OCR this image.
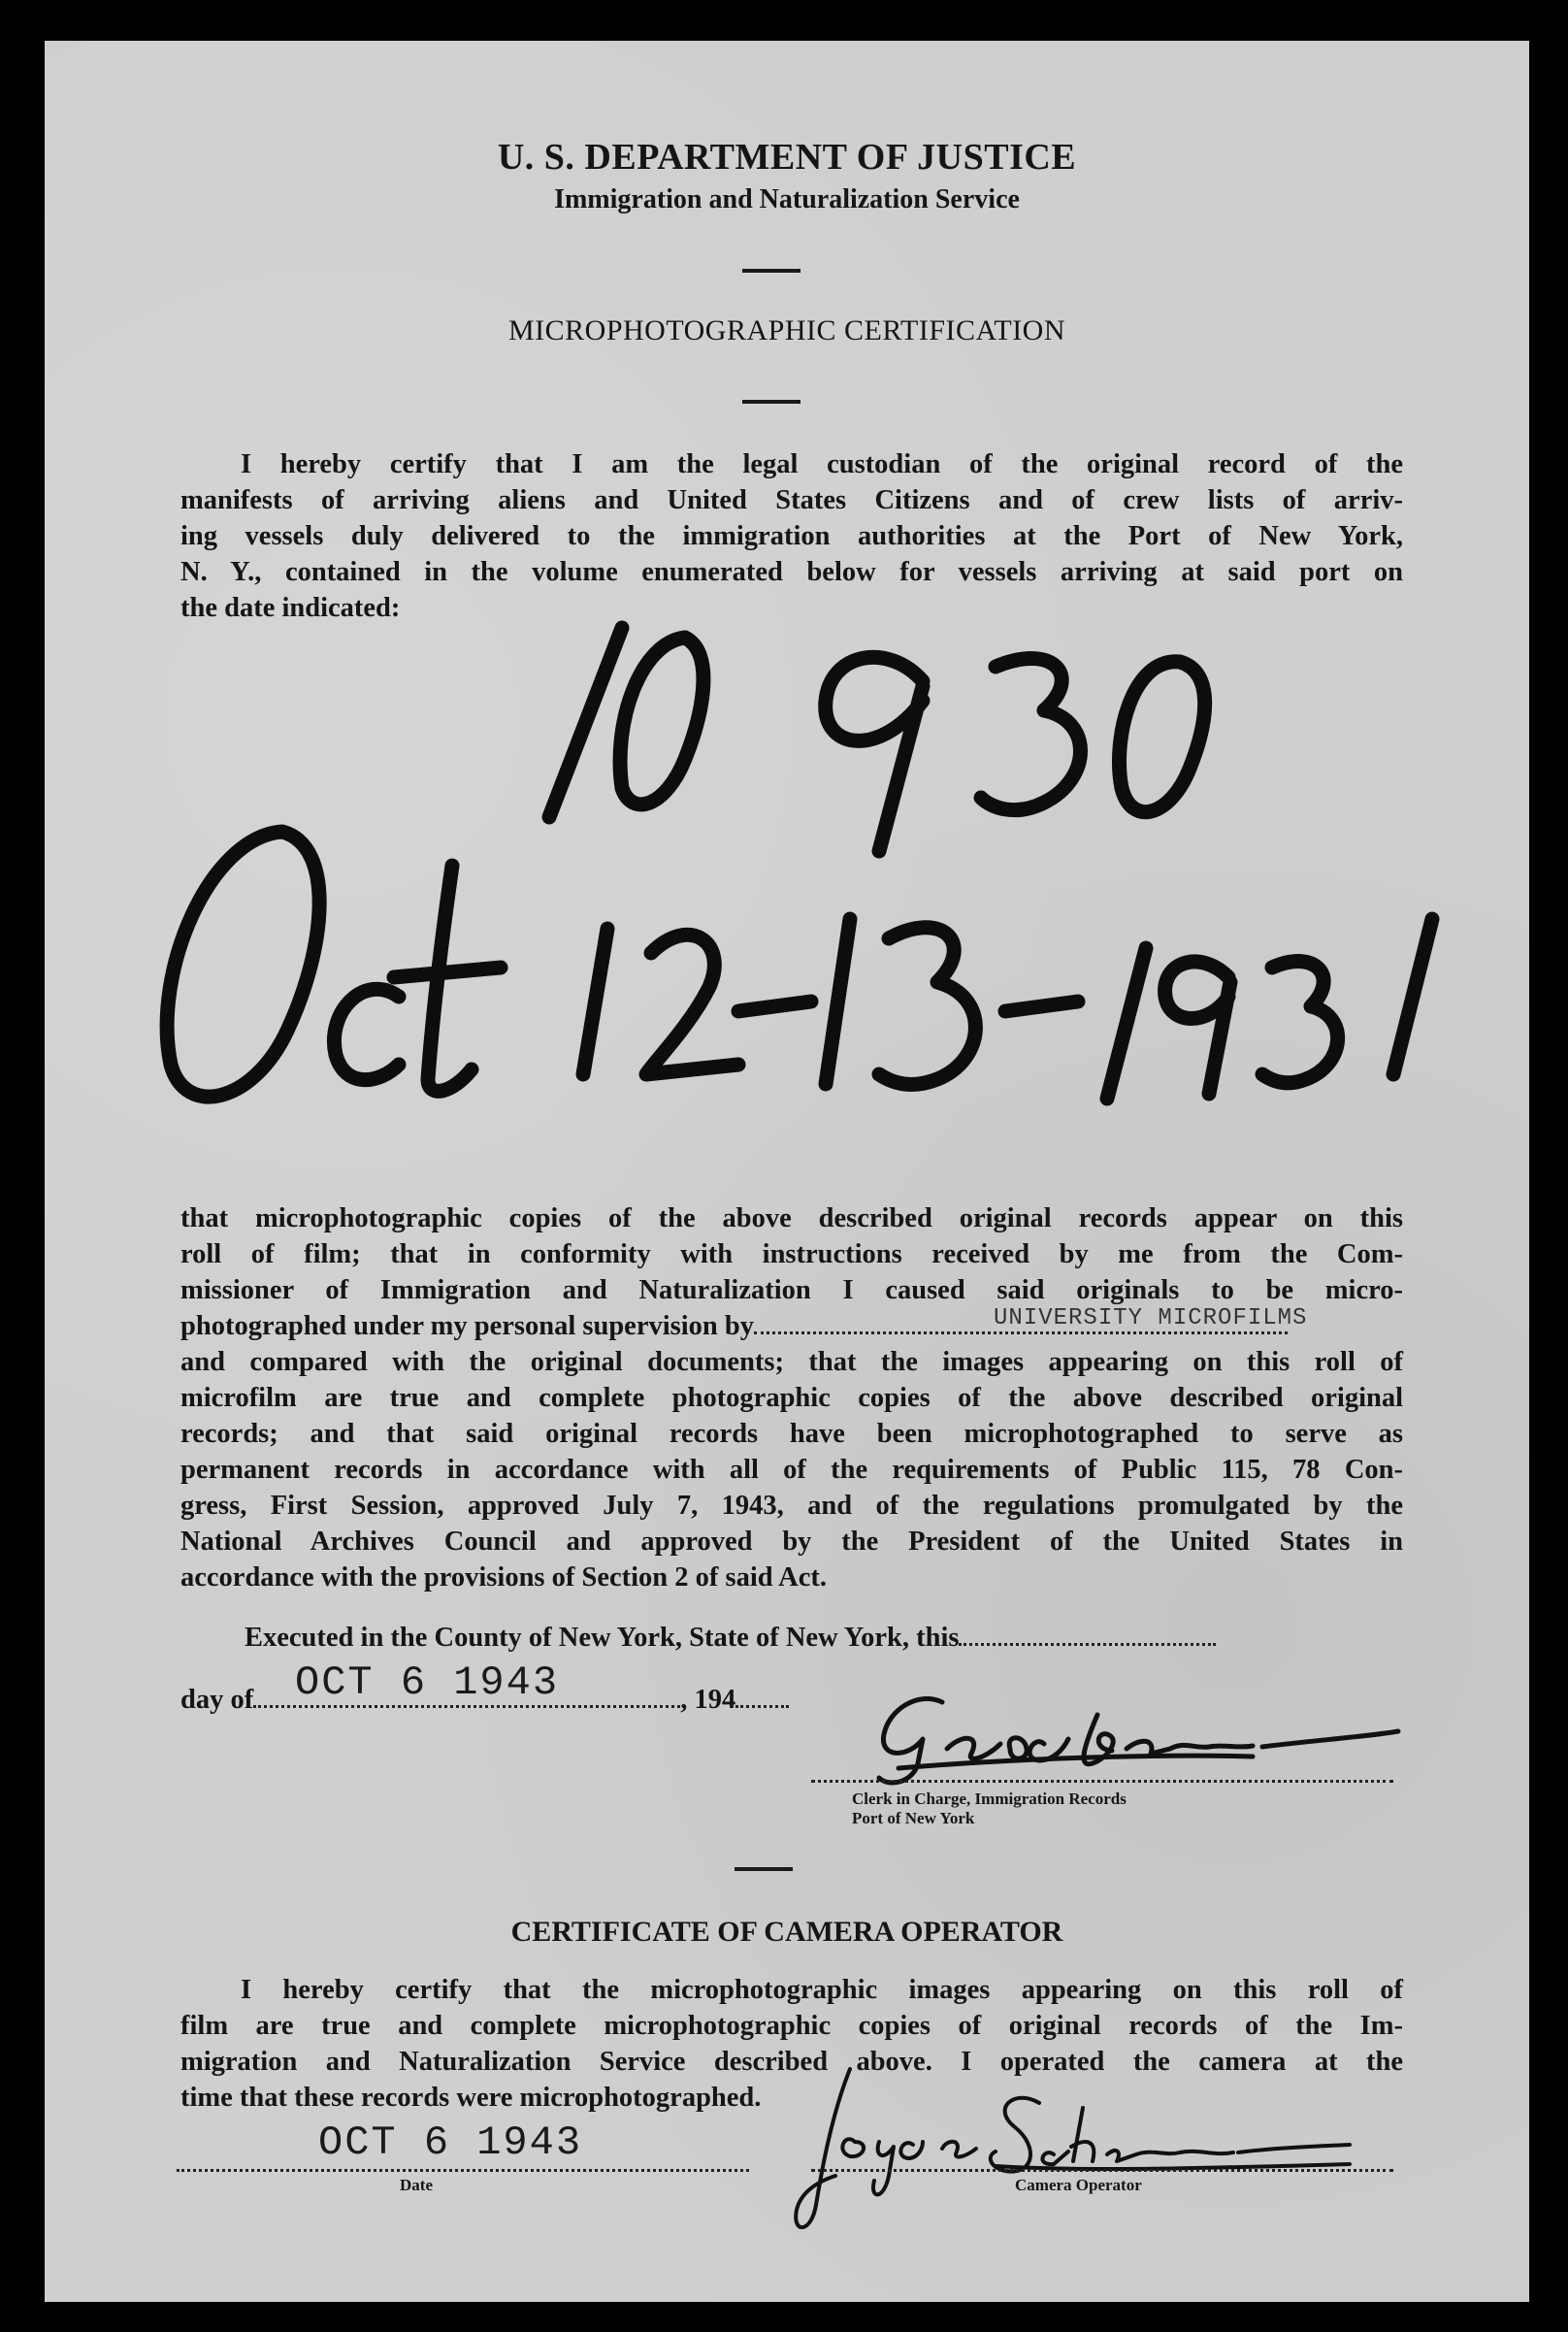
U. S. DEPARTMENT OF JUSTICE
Immigration and Naturalization Service
MICROPHOTOGRAPHIC CERTIFICATION
I hereby certify that I am the legal custodian of the original record of the
manifests of arriving aliens and United States Citizens and of crew lists of arriv-
ing vessels duly delivered to the immigration authorities at the Port of New York,
N. Y., contained in the volume enumerated below for vessels arriving at said port on
the date indicated:
that microphotographic copies of the above described original records appear on this
roll of film; that in conformity with instructions received by me from the Com-
missioner of Immigration and Naturalization I caused said originals to be micro-
photographed under my personal supervision by	UNIVERSITY MICROFILMS
and compared with the original documents; that the images appearing on this roll of
microfilm are true and complete photographic copies of the above described original
records; and that said original records have been microphotographed to serve as
permanent records in accordance with all of the requirements of Public 115, 78 Con-
gress, First Session, approved July 7, 1943, and of the regulations promulgated by the
National Archives Council and approved by the President of the United States in
accordance with the provisions of Section 2 of said Act.
Executed in the County of New York, State of New York, this
day of	, 194
OCT 6 1943
Clerk in Charge, Immigration Records
Port of New York
CERTIFICATE OF CAMERA OPERATOR
I hereby certify that the microphotographic images appearing on this roll of
film are true and complete microphotographic copies of original records of the Im-
migration and Naturalization Service described above. I operated the camera at the
time that these records were microphotographed.
OCT 6 1943
Date	Camera Operator
